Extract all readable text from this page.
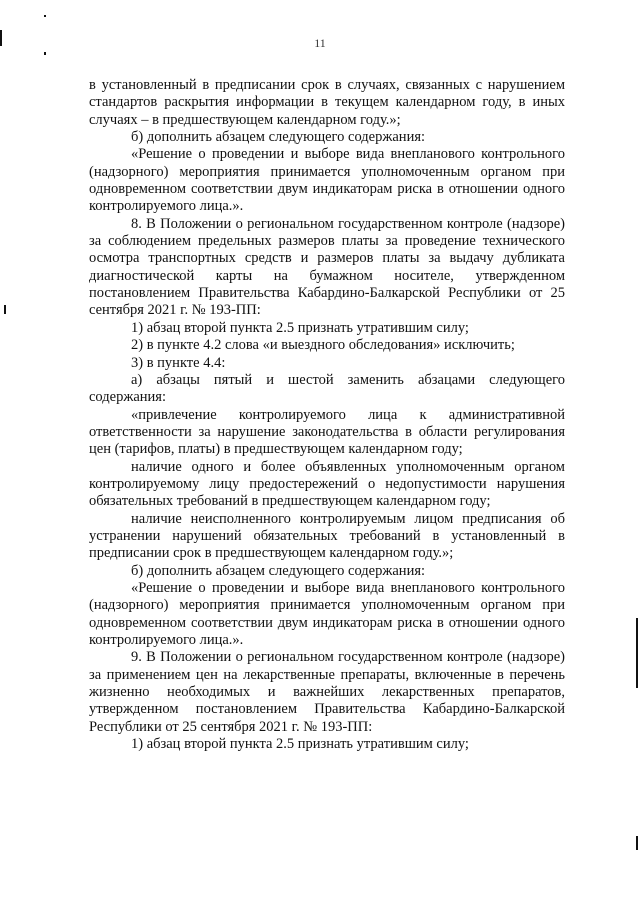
11

в установленный в предписании срок в случаях, связанных с нарушением стандартов раскрытия информации в текущем календарном году, в иных случаях – в предшествующем календарном году.»;

б) дополнить абзацем следующего содержания:

«Решение о проведении и выборе вида внепланового контрольного (надзорного) мероприятия принимается уполномоченным органом при одновременном соответствии двум индикаторам риска в отношении одного контролируемого лица.».

8. В Положении о региональном государственном контроле (надзоре) за соблюдением предельных размеров платы за проведение технического осмотра транспортных средств и размеров платы за выдачу дубликата диагностической карты на бумажном носителе, утвержденном постановлением Правительства Кабардино-Балкарской Республики от 25 сентября 2021 г. № 193-ПП:

1) абзац второй пункта 2.5 признать утратившим силу;

2) в пункте 4.2 слова «и выездного обследования» исключить;

3) в пункте 4.4:

а) абзацы пятый и шестой заменить абзацами следующего содержания:

«привлечение контролируемого лица к административной ответственности за нарушение законодательства в области регулирования цен (тарифов, платы) в предшествующем календарном году;

наличие одного и более объявленных уполномоченным органом контролируемому лицу предостережений о недопустимости нарушения обязательных требований в предшествующем календарном году;

наличие неисполненного контролируемым лицом предписания об устранении нарушений обязательных требований в установленный в предписании срок в предшествующем календарном году.»;

б) дополнить абзацем следующего содержания:

«Решение о проведении и выборе вида внепланового контрольного (надзорного) мероприятия принимается уполномоченным органом при одновременном соответствии двум индикаторам риска в отношении одного контролируемого лица.».

9. В Положении о региональном государственном контроле (надзоре) за применением цен на лекарственные препараты, включенные в перечень жизненно необходимых и важнейших лекарственных препаратов, утвержденном постановлением Правительства Кабардино-Балкарской Республики от 25 сентября 2021 г. № 193-ПП:

1) абзац второй пункта 2.5 признать утратившим силу;
